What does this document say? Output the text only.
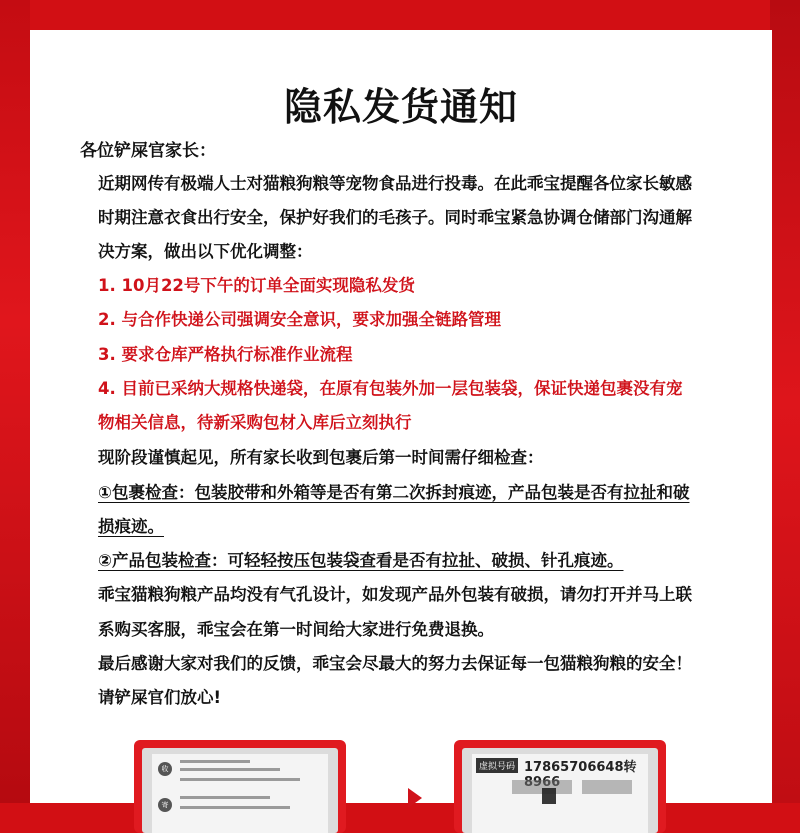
隐私发货通知
各位铲屎官家长：
近期网传有极端人士对猫粮狗粮等宠物食品进行投毒。在此乖宝提醒各位家长敏感
时期注意衣食出行安全，保护好我们的毛孩子。同时乖宝紧急协调仓储部门沟通解
决方案，做出以下优化调整：
1. 10月22号下午的订单全面实现隐私发货
2. 与合作快递公司强调安全意识，要求加强全链路管理
3. 要求仓库严格执行标准作业流程
4. 目前已采纳大规格快递袋，在原有包装外加一层包装袋，保证快递包裹没有宠
物相关信息，待新采购包材入库后立刻执行
现阶段谨慎起见，所有家长收到包裹后第一时间需仔细检查：
①包裹检查：包装胶带和外箱等是否有第二次拆封痕迹，产品包装是否有拉扯和破
损痕迹。
②产品包装检查：可轻轻按压包装袋查看是否有拉扯、破损、针孔痕迹。
乖宝猫粮狗粮产品均没有气孔设计，如发现产品外包装有破损，请勿打开并马上联
系购买客服，乖宝会在第一时间给大家进行免费退换。
最后感谢大家对我们的反馈，乖宝会尽最大的努力去保证每一包猫粮狗粮的安全！
请铲屎官们放心!
收
寄
虚拟号码 17865706648转
